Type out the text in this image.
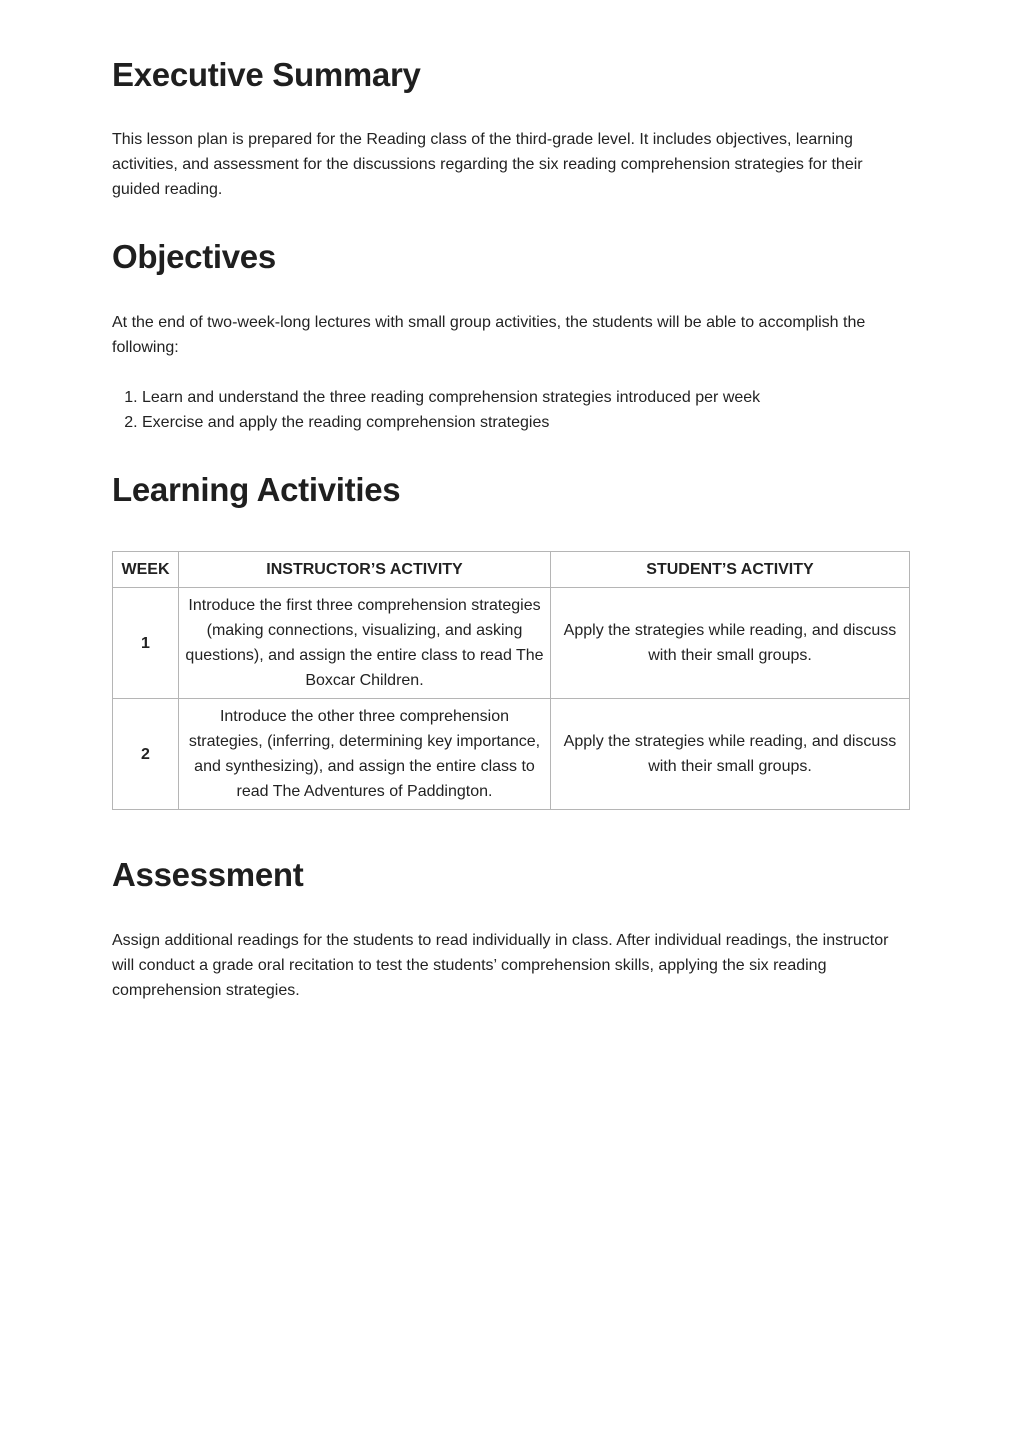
Executive Summary

This lesson plan is prepared for the Reading class of the third-grade level. It includes objectives, learning activities, and assessment for the discussions regarding the six reading comprehension strategies for their guided reading.

Objectives

At the end of two-week-long lectures with small group activities, the students will be able to accomplish the following:

1. Learn and understand the three reading comprehension strategies introduced per week
2. Exercise and apply the reading comprehension strategies
Learning Activities
WEEK	INSTRUCTOR’S ACTIVITY	STUDENT’S ACTIVITY
1	Introduce the first three comprehension strategies (making connections, visualizing, and asking questions), and assign the entire class to read The Boxcar Children.	Apply the strategies while reading, and discuss with their small groups.
2	Introduce the other three comprehension strategies, (inferring, determining key importance, and synthesizing), and assign the entire class to read The Adventures of Paddington.	Apply the strategies while reading, and discuss with their small groups.
Assessment

Assign additional readings for the students to read individually in class. After individual readings, the instructor will conduct a grade oral recitation to test the students’ comprehension skills, applying the six reading comprehension strategies.
